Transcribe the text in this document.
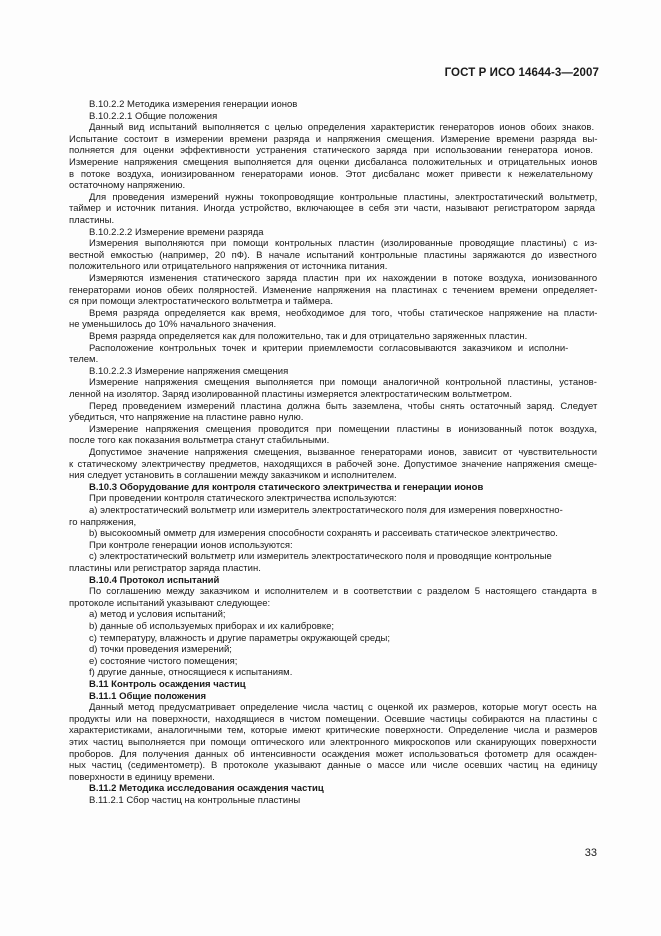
ГОСТ Р ИСО 14644-3—2007
В.10.2.2 Методика измерения генерации ионов
В.10.2.2.1 Общие положения
Данный вид испытаний выполняется с целью определения характеристик генераторов ионов обоих знаков.
Испытание состоит в измерении времени разряда и напряжения смещения. Измерение времени разряда вы-
полняется для оценки эффективности устранения статического заряда при использовании генератора ионов.
Измерение напряжения смещения выполняется для оценки дисбаланса положительных и отрицательных ионов
в потоке воздуха, ионизированном генераторами ионов. Этот дисбаланс может привести к нежелательному
остаточному напряжению.
Для проведения измерений нужны токопроводящие контрольные пластины, электростатический вольтметр,
таймер и источник питания. Иногда устройство, включающее в себя эти части, называют регистратором заряда
пластины.
В.10.2.2.2 Измерение времени разряда
Измерения выполняются при помощи контрольных пластин (изолированные проводящие пластины) с из-
вестной емкостью (например, 20 пФ). В начале испытаний контрольные пластины заряжаются до известного
положительного или отрицательного напряжения от источника питания.
Измеряются изменения статического заряда пластин при их нахождении в потоке воздуха, ионизованного
генераторами ионов обеих полярностей. Изменение напряжения на пластинах с течением времени определяет-
ся при помощи электростатического вольтметра и таймера.
Время разряда определяется как время, необходимое для того, чтобы статическое напряжение на пласти-
не уменьшилось до 10% начального значения.
Время разряда определяется как для положительно, так и для отрицательно заряженных пластин.
Расположение контрольных точек и критерии приемлемости согласовываются заказчиком и исполни-
телем.
В.10.2.2.3 Измерение напряжения смещения
Измерение напряжения смещения выполняется при помощи аналогичной контрольной пластины, установ-
ленной на изолятор. Заряд изолированной пластины измеряется электростатическим вольтметром.
Перед проведением измерений пластина должна быть заземлена, чтобы снять остаточный заряд. Следует
убедиться, что напряжение на пластине равно нулю.
Измерение напряжения смещения проводится при помещении пластины в ионизованный поток воздуха,
после того как показания вольтметра станут стабильными.
Допустимое значение напряжения смещения, вызванное генераторами ионов, зависит от чувствительности
к статическому электричеству предметов, находящихся в рабочей зоне. Допустимое значение напряжения смеще-
ния следует установить в соглашении между заказчиком и исполнителем.
В.10.3 Оборудование для контроля статического электричества и генерации ионов
При проведении контроля статического электричества используются:
a) электростатический вольтметр или измеритель электростатического поля для измерения поверхностно-
го напряжения,
b) высокоомный омметр для измерения способности сохранять и рассеивать статическое электричество.
При контроле генерации ионов используются:
c) электростатический вольтметр или измеритель электростатического поля и проводящие контрольные
пластины или регистратор заряда пластин.
В.10.4 Протокол испытаний
По соглашению между заказчиком и исполнителем и в соответствии с разделом 5 настоящего стандарта в
протоколе испытаний указывают следующее:
a) метод и условия испытаний;
b) данные об используемых приборах и их калибровке;
c) температуру, влажность и другие параметры окружающей среды;
d) точки проведения измерений;
e) состояние чистого помещения;
f) другие данные, относящиеся к испытаниям.
В.11 Контроль осаждения частиц
В.11.1 Общие положения
Данный метод предусматривает определение числа частиц с оценкой их размеров, которые могут осесть на
продукты или на поверхности, находящиеся в чистом помещении. Осевшие частицы собираются на пластины с
характеристиками, аналогичными тем, которые имеют критические поверхности. Определение числа и размеров
этих частиц выполняется при помощи оптического или электронного микроскопов или сканирующих поверхности
проборов. Для получения данных об интенсивности осаждения может использоваться фотометр для осажден-
ных частиц (седиментометр). В протоколе указывают данные о массе или числе осевших частиц на единицу
поверхности в единицу времени.
В.11.2 Методика исследования осаждения частиц
В.11.2.1 Сбор частиц на контрольные пластины
33
